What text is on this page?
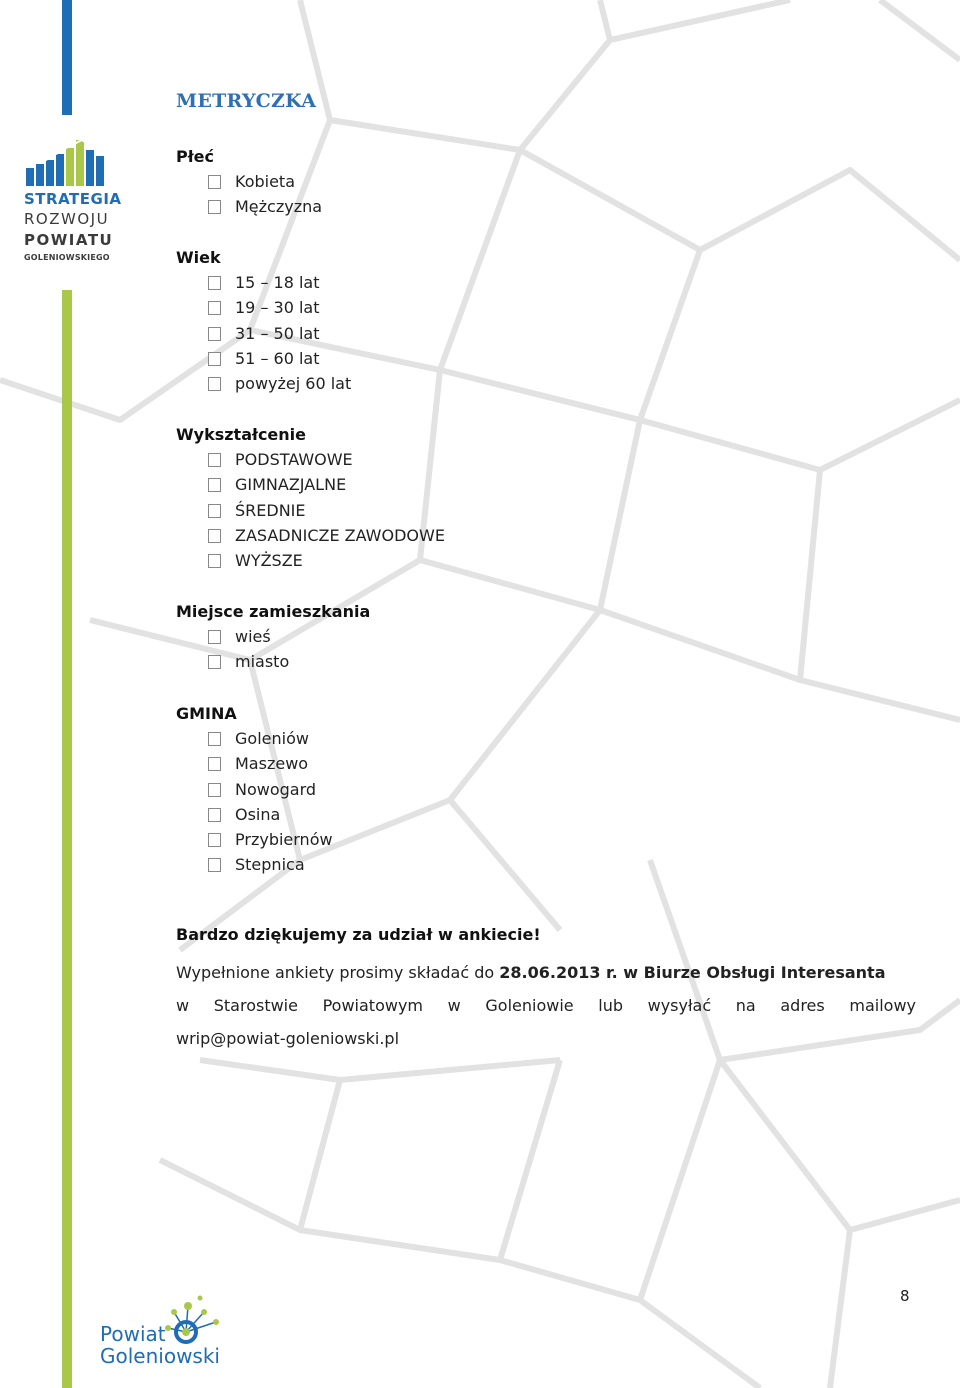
STRATEGIA
ROZWOJU
POWIATU
GOLENIOWSKIEGO
METRYCZKA
Płeć
Kobieta
Mężczyzna
Wiek
15 – 18 lat
19 – 30 lat
31 – 50 lat
51 – 60 lat
powyżej 60 lat
Wykształcenie
PODSTAWOWE
GIMNAZJALNE
ŚREDNIE
ZASADNICZE ZAWODOWE
WYŻSZE
Miejsce zamieszkania
wieś
miasto
GMINA
Goleniów
Maszewo
Nowogard
Osina
Przybiernów
Stepnica
Bardzo dziękujemy za udział w ankiecie!
Wypełnione ankiety prosimy składać do 28.06.2013 r. w Biurze Obsługi Interesanta
w Starostwie Powiatowym w Goleniowie lub wysyłać na adres mailowy
wrip@powiat-goleniowski.pl
Powiat
Goleniowski
8
